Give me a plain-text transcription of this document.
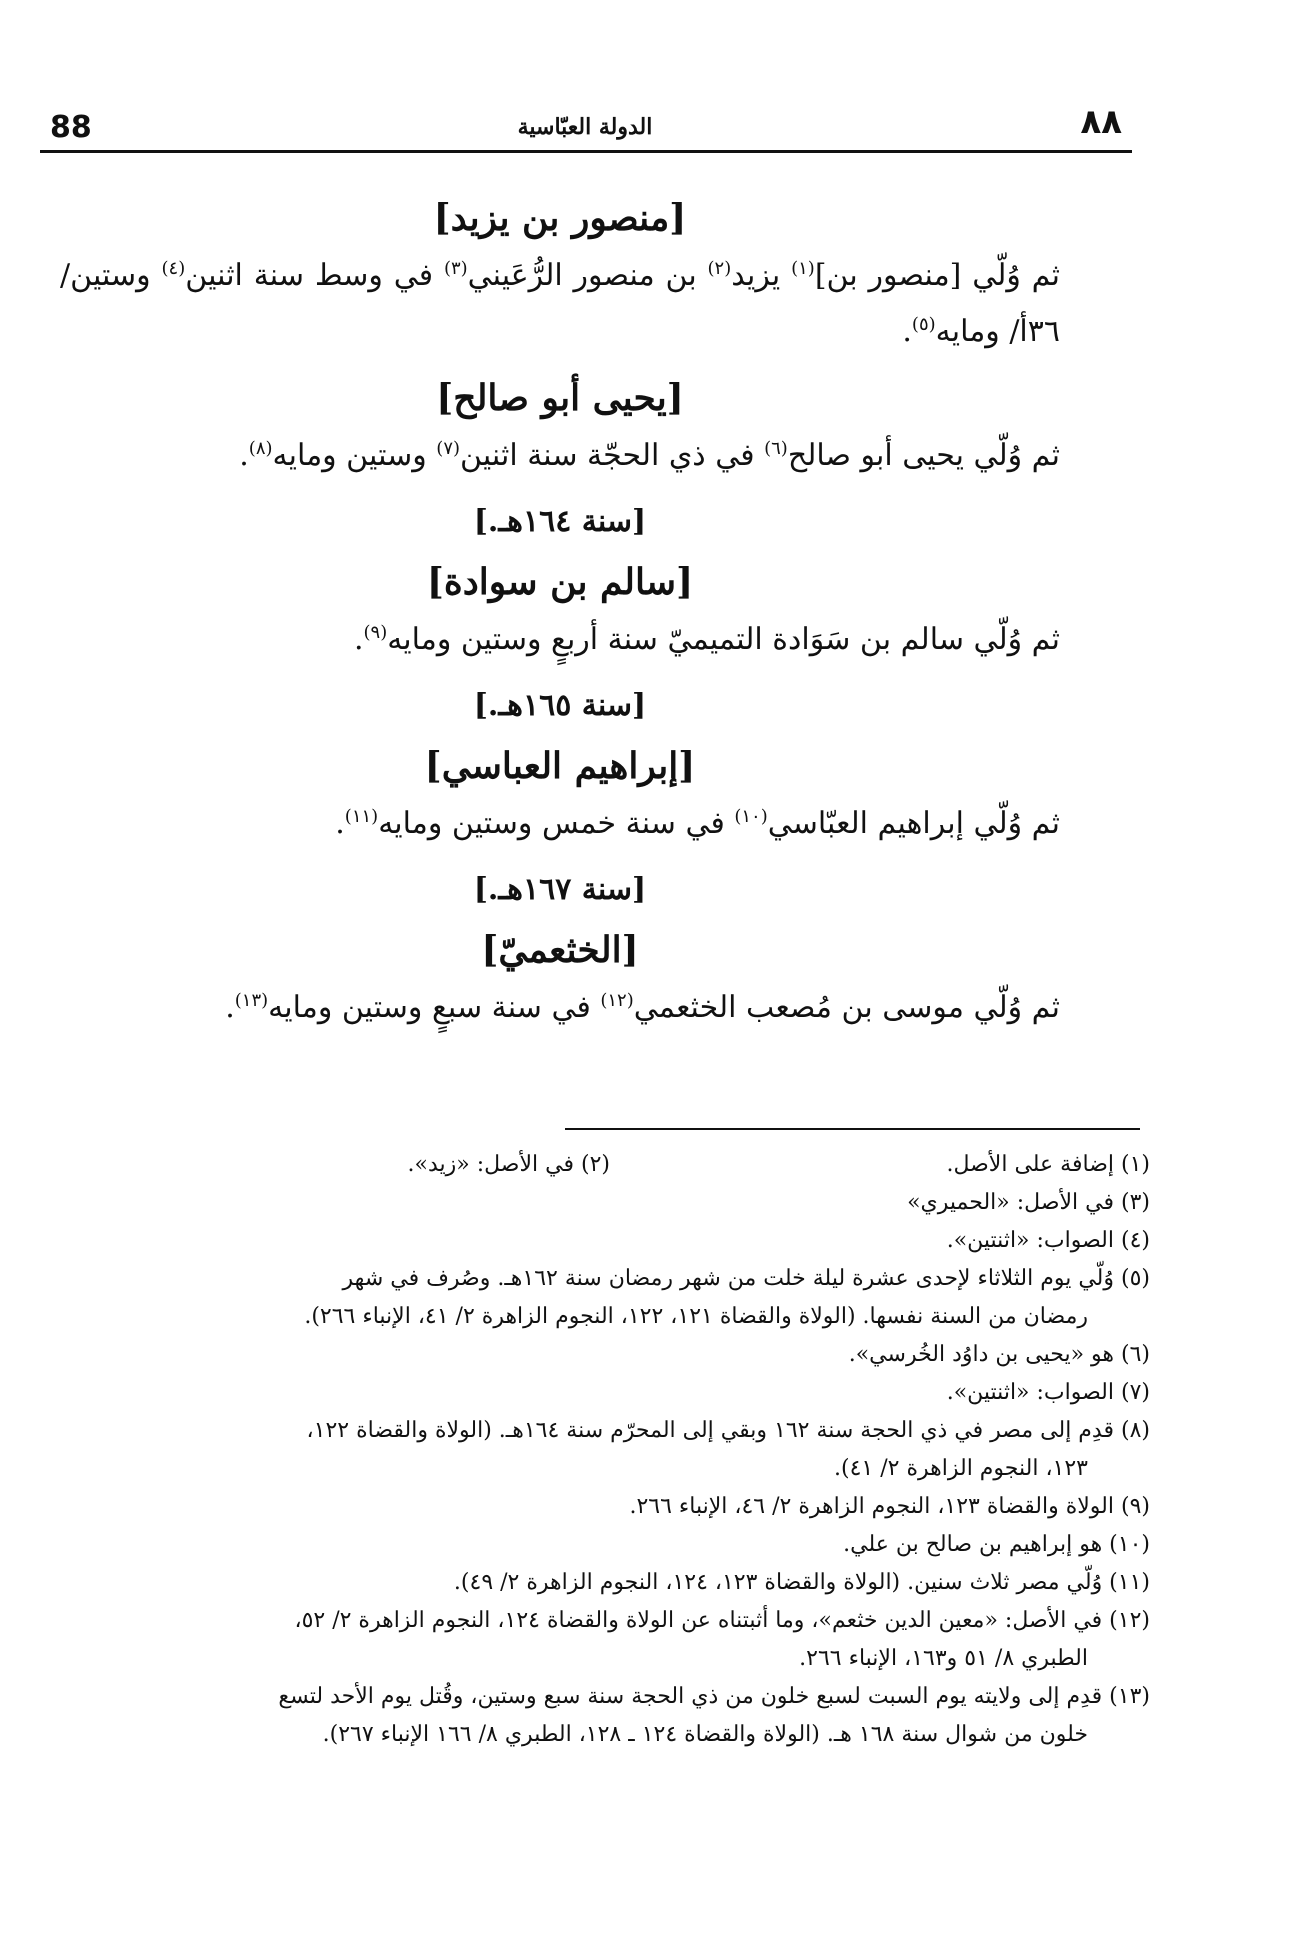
88	الدولة العبّاسية	٨٨
[منصور بن يزيد]

ثم وُلّي [منصور بن]$^{(١)}$ يزيد$^{(٢)}$ بن منصور الرُّعَيني$^{(٣)}$ في وسط سنة اثنين$^{(٤)}$ وستين/ ٣٦أ/ ومايه$^{(٥)}$.

[يحيى أبو صالح]

ثم وُلّي يحيى أبو صالح$^{(٦)}$ في ذي الحجّة سنة اثنين$^{(٧)}$ وستين ومايه$^{(٨)}$.

[سنة ١٦٤هـ.]
[سالم بن سوادة]

ثم وُلّي سالم بن سَوَادة التميميّ سنة أربعٍ وستين ومايه$^{(٩)}$.

[سنة ١٦٥هـ.]
[إبراهيم العباسي]

ثم وُلّي إبراهيم العبّاسي$^{(١٠)}$ في سنة خمس وستين ومايه$^{(١١)}$.

[سنة ١٦٧هـ.]
[الخثعميّ]

ثم وُلّي موسى بن مُصعب الخثعمي$^{(١٢)}$ في سنة سبعٍ وستين ومايه$^{(١٣)}$.

(١) إضافة على الأصل.
(٢) في الأصل: «زيد».

(٣) في الأصل: «الحميري»

(٤) الصواب: «اثنتين».

(٥) وُلّي يوم الثلاثاء لإحدى عشرة ليلة خلت من شهر رمضان سنة ١٦٢هـ. وصُرف في شهر
رمضان من السنة نفسها. (الولاة والقضاة ١٢١، ١٢٢، النجوم الزاهرة ٢/ ٤١، الإنباء ٢٦٦).

(٦) هو «يحيى بن داوُد الخُرسي».

(٧) الصواب: «اثنتين».

(٨) قدِم إلى مصر في ذي الحجة سنة ١٦٢ وبقي إلى المحرّم سنة ١٦٤هـ. (الولاة والقضاة ١٢٢،
١٢٣، النجوم الزاهرة ٢/ ٤١).

(٩) الولاة والقضاة ١٢٣، النجوم الزاهرة ٢/ ٤٦، الإنباء ٢٦٦.

(١٠) هو إبراهيم بن صالح بن علي.

(١١) وُلّي مصر ثلاث سنين. (الولاة والقضاة ١٢٣، ١٢٤، النجوم الزاهرة ٢/ ٤٩).

(١٢) في الأصل: «معين الدين خثعم»، وما أثبتناه عن الولاة والقضاة ١٢٤، النجوم الزاهرة ٢/ ٥٢،
الطبري ٨/ ٥١ و١٦٣، الإنباء ٢٦٦.

(١٣) قدِم إلى ولايته يوم السبت لسبع خلون من ذي الحجة سنة سبع وستين، وقُتل يوم الأحد لتسع
خلون من شوال سنة ١٦٨ هـ. (الولاة والقضاة ١٢٤ ـ ١٢٨، الطبري ٨/ ١٦٦ الإنباء ٢٦٧).
